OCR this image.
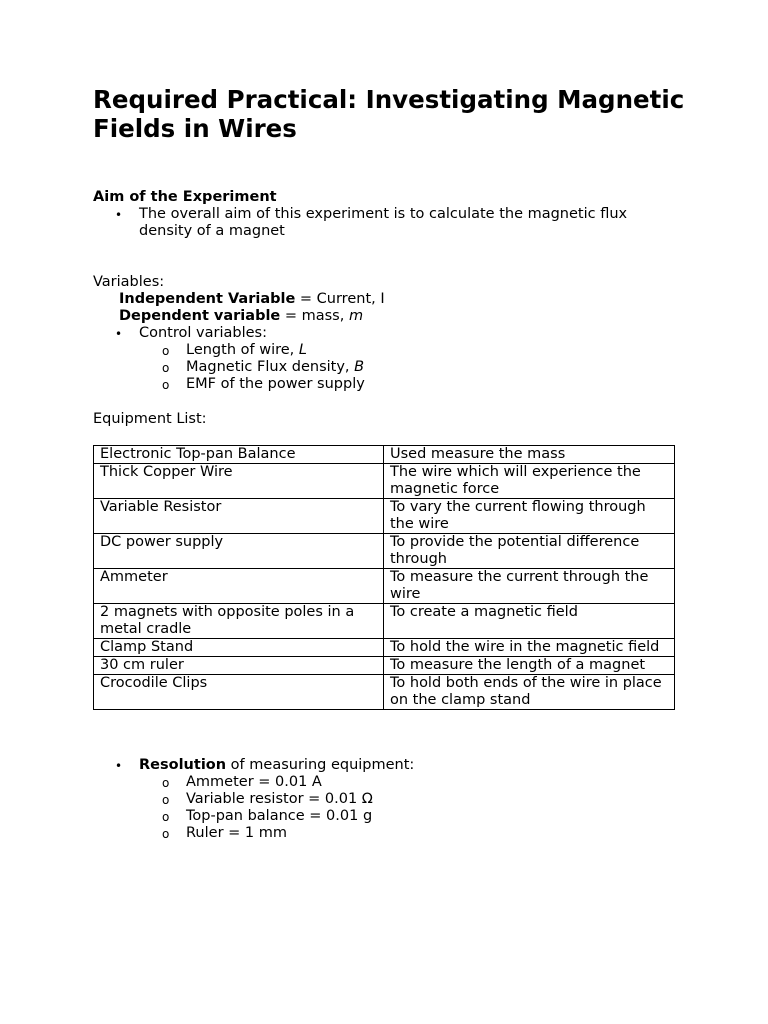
Required Practical: Investigating Magnetic Fields in Wires
Aim of the Experiment
• The overall aim of this experiment is to calculate the magnetic flux density of a magnet
Variables:
Independent Variable = Current, I
Dependent variable = mass, m
• Control variables:
o Length of wire, L
o Magnetic Flux density, B
o EMF of the power supply
Equipment List:
Electronic Top-pan Balance	Used measure the mass
Thick Copper Wire	The wire which will experience the magnetic force
Variable Resistor	To vary the current flowing through the wire
DC power supply	To provide the potential difference through
Ammeter	To measure the current through the wire
2 magnets with opposite poles in a metal cradle	To create a magnetic field
Clamp Stand	To hold the wire in the magnetic field
30 cm ruler	To measure the length of a magnet
Crocodile Clips	To hold both ends of the wire in place on the clamp stand
• Resolution of measuring equipment:
o Ammeter = 0.01 A
o Variable resistor = 0.01 Ω
o Top-pan balance = 0.01 g
o Ruler = 1 mm
